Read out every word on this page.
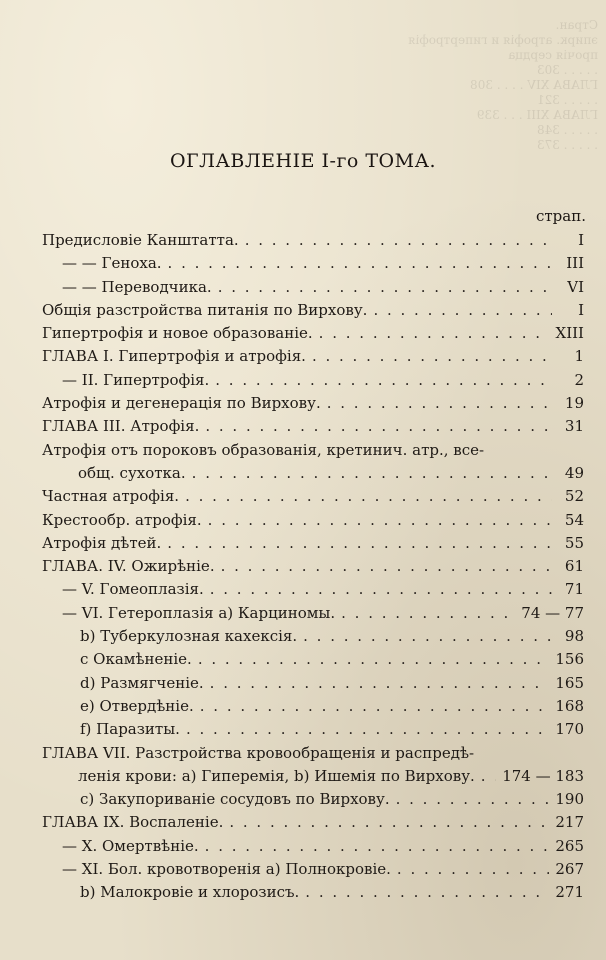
Стран.
эпирк. атрофія и гипертрофія
прочія сердца
. . . . . 303
ГЛАВА XIV . . . . 308
. . . . . 321
ГЛАВА XIII . . . 339
. . . . . 348
. . . . . 373
ОГЛАВЛЕНІЕ І-го ТОМА.
страп.
Предисловіе Канштатта. . . .	I
— — Геноха. . . .	III
— — Переводчика. . . .	VI
Общія разстройства питанія по Вирхову. . . .	I
Гипертрофія и новое образованіе. . . .	XIII
ГЛАВА I. Гипертрофія и атрофія. . . .	1
— II. Гипертрофія. . . .	2
Атрофія и дегенерація по Вирхову. . . .	19
ГЛАВА III. Атрофія. . . .	31
Атрофія отъ пороковъ образованія, кретинич. атр., все-
общ. сухотка. . . .	49
Частная атрофія. . . .	52
Крестообр. атрофія. . . .	54
Атрофія дѣтей. . . .	55
ГЛАВА. IV. Ожирѣніе. . . .	61
— V. Гомеоплазія. . . .	71
— VI. Гетероплазія а) Карциномы. . . .	74 — 77
b) Туберкулозная кахексія. . . .	98
с Окамѣненіе. . . .	156
d) Размягченіе. . . .	165
е) Отвердѣніе. . . .	168
f) Паразиты. . . .	170
ГЛАВА VII. Разстройства кровообращенія и распредѣ-
ленія крови: а) Гиперемія, b) Ишемія по Вирхову. . . . 174 — 183
с) Закупориваніе сосудовъ по Вирхову. . . .	190
ГЛАВА IX. Воспаленіе. . . .	217
— X. Омертвѣніе. . . .	265
— XI. Бол. кровотворенія а) Полнокровіе. . . .	267
b) Малокровіе и хлорозисъ. . . .	271
